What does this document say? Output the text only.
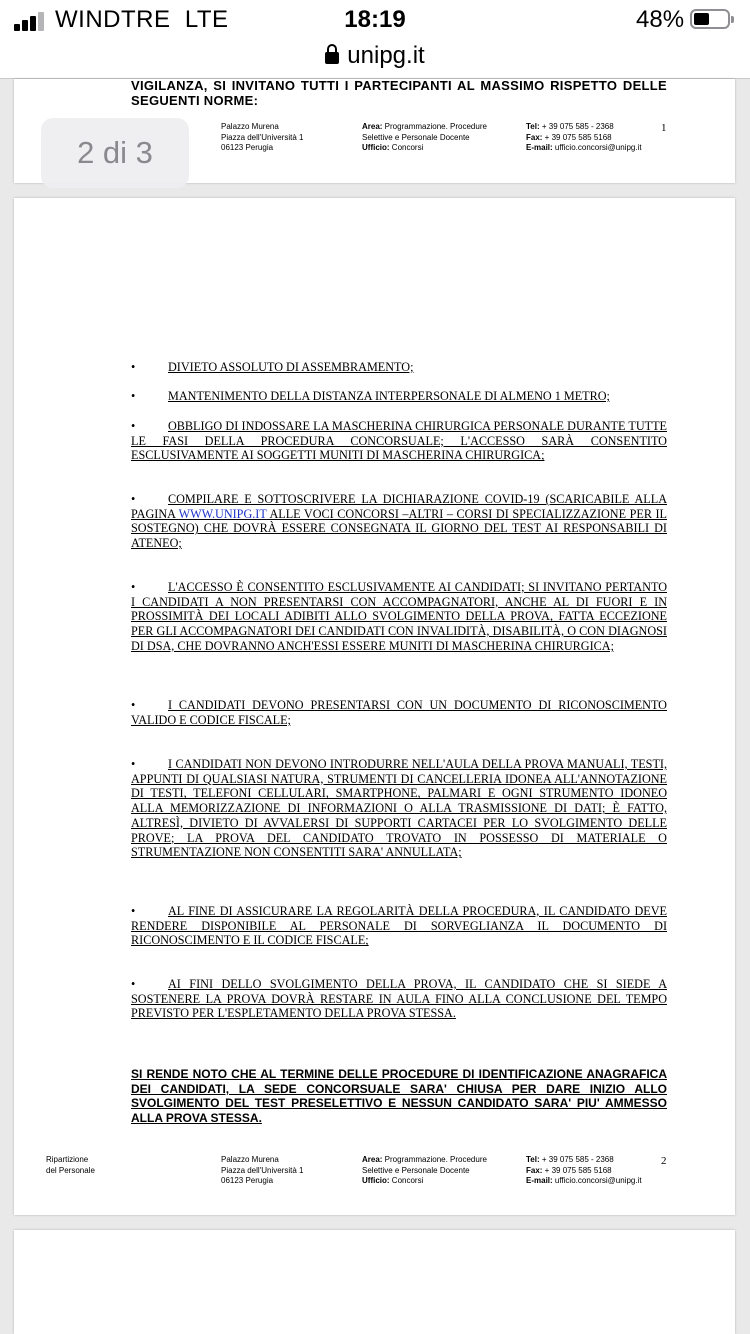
WINDTRE  LTE	18:19	48%
unipg.it
VIGILANZA, SI INVITANO TUTTI I PARTECIPANTI AL MASSIMO RISPETTO DELLE SEGUENTI NORME:
Palazzo Murena
Piazza dell'Università 1
06123 Perugia
Area: Programmazione. Procedure
Selettive e Personale Docente
Ufficio: Concorsi
Tel: + 39 075 585 - 2368
Fax: + 39 075 585 5168
E-mail: ufficio.concorsi@unipg.it
1
2 di 3
•	DIVIETO ASSOLUTO DI ASSEMBRAMENTO;
•	MANTENIMENTO DELLA DISTANZA INTERPERSONALE DI ALMENO 1 METRO;
•	OBBLIGO DI INDOSSARE LA MASCHERINA CHIRURGICA PERSONALE DURANTE TUTTE LE FASI DELLA PROCEDURA CONCORSUALE; L'ACCESSO SARÀ CONSENTITO ESCLUSIVAMENTE AI SOGGETTI MUNITI DI MASCHERINA CHIRURGICA;
•	COMPILARE E SOTTOSCRIVERE LA DICHIARAZIONE COVID-19 (SCARICABILE ALLA PAGINA WWW.UNIPG.IT ALLE VOCI CONCORSI –ALTRI – CORSI DI SPECIALIZZAZIONE PER IL SOSTEGNO) CHE DOVRÀ ESSERE CONSEGNATA IL GIORNO DEL TEST AI RESPONSABILI DI ATENEO;
•	L'ACCESSO È CONSENTITO ESCLUSIVAMENTE AI CANDIDATI; SI INVITANO PERTANTO I CANDIDATI A NON PRESENTARSI CON ACCOMPAGNATORI, ANCHE AL DI FUORI E IN PROSSIMITÀ DEI LOCALI ADIBITI ALLO SVOLGIMENTO DELLA PROVA, FATTA ECCEZIONE PER GLI ACCOMPAGNATORI DEI CANDIDATI CON INVALIDITÀ, DISABILITÀ, O CON DIAGNOSI DI DSA, CHE DOVRANNO ANCH'ESSI ESSERE MUNITI DI MASCHERINA CHIRURGICA;
•	I CANDIDATI DEVONO PRESENTARSI CON UN DOCUMENTO DI RICONOSCIMENTO VALIDO E CODICE FISCALE;
•	I CANDIDATI NON DEVONO INTRODURRE NELL'AULA DELLA PROVA MANUALI, TESTI, APPUNTI DI QUALSIASI NATURA, STRUMENTI DI CANCELLERIA IDONEA ALL'ANNOTAZIONE DI TESTI, TELEFONI CELLULARI, SMARTPHONE, PALMARI E OGNI STRUMENTO IDONEO ALLA MEMORIZZAZIONE DI INFORMAZIONI O ALLA TRASMISSIONE DI DATI; È FATTO, ALTRESÌ, DIVIETO DI AVVALERSI DI SUPPORTI CARTACEI PER LO SVOLGIMENTO DELLE PROVE; LA PROVA DEL CANDIDATO TROVATO IN POSSESSO DI MATERIALE O STRUMENTAZIONE NON CONSENTITI SARA' ANNULLATA;
•	AL FINE DI ASSICURARE LA REGOLARITÀ DELLA PROCEDURA, IL CANDIDATO DEVE RENDERE DISPONIBILE AL PERSONALE DI SORVEGLIANZA IL DOCUMENTO DI RICONOSCIMENTO E IL CODICE FISCALE;
•	AI FINI DELLO SVOLGIMENTO DELLA PROVA, IL CANDIDATO CHE SI SIEDE A SOSTENERE LA PROVA DOVRÀ RESTARE IN AULA FINO ALLA CONCLUSIONE DEL TEMPO PREVISTO PER L'ESPLETAMENTO DELLA PROVA STESSA.
SI RENDE NOTO CHE AL TERMINE DELLE PROCEDURE DI IDENTIFICAZIONE ANAGRAFICA DEI CANDIDATI, LA SEDE CONCORSUALE SARA' CHIUSA PER DARE INIZIO ALLO SVOLGIMENTO DEL TEST PRESELETTIVO E NESSUN CANDIDATO SARA' PIU' AMMESSO ALLA PROVA STESSA.
Ripartizione
del Personale
Palazzo Murena
Piazza dell'Università 1
06123 Perugia
Area: Programmazione. Procedure
Selettive e Personale Docente
Ufficio: Concorsi
Tel: + 39 075 585 - 2368
Fax: + 39 075 585 5168
E-mail: ufficio.concorsi@unipg.it
2
